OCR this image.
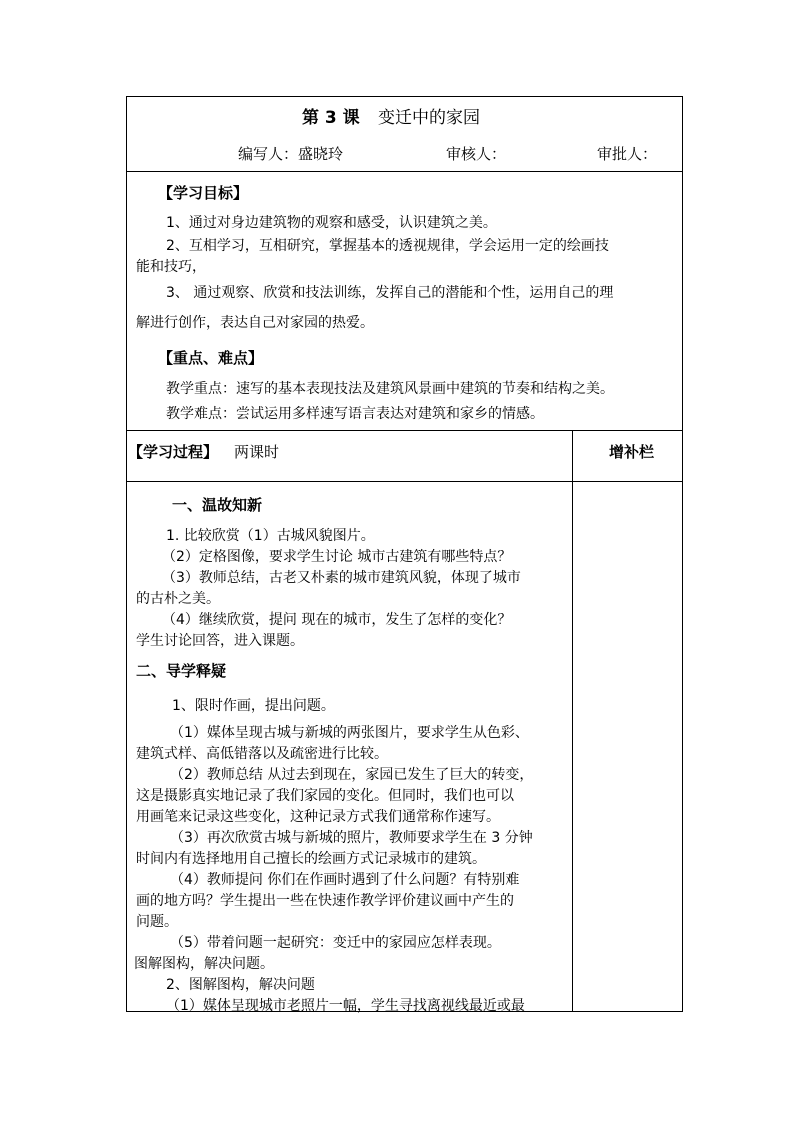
第 3 课 变迁中的家园
编写人：盛晓玲	审核人：	审批人：
【学习目标】
1、通过对身边建筑物的观察和感受，认识建筑之美。
2、互相学习，互相研究，掌握基本的透视规律，学会运用一定的绘画技
能和技巧，
3、 通过观察、欣赏和技法训练，发挥自己的潜能和个性，运用自己的理
解进行创作，表达自己对家园的热爱。
【重点、难点】
教学重点：速写的基本表现技法及建筑风景画中建筑的节奏和结构之美。
教学难点：尝试运用多样速写语言表达对建筑和家乡的情感。
【学习过程】 两课时	增补栏
一、温故知新
1. 比较欣赏（1）古城风貌图片。
（2）定格图像，要求学生讨论 城市古建筑有哪些特点？
（3）教师总结，古老又朴素的城市建筑风貌，体现了城市
的古朴之美。
（4）继续欣赏，提问 现在的城市，发生了怎样的变化？
学生讨论回答，进入课题。
二、导学释疑
1、限时作画，提出问题。
（1）媒体呈现古城与新城的两张图片，要求学生从色彩、
建筑式样、高低错落以及疏密进行比较。
（2）教师总结 从过去到现在，家园已发生了巨大的转变，
这是摄影真实地记录了我们家园的变化。但同时，我们也可以
用画笔来记录这些变化，这种记录方式我们通常称作速写。
（3）再次欣赏古城与新城的照片，教师要求学生在 3 分钟
时间内有选择地用自己擅长的绘画方式记录城市的建筑。
（4）教师提问 你们在作画时遇到了什么问题？有特别难
画的地方吗？学生提出一些在快速作教学评价建议画中产生的
问题。
（5）带着问题一起研究：变迁中的家园应怎样表现。
图解图构，解决问题。
2、图解图构，解决问题
（1）媒体呈现城市老照片一幅，学生寻找离视线最近或最
